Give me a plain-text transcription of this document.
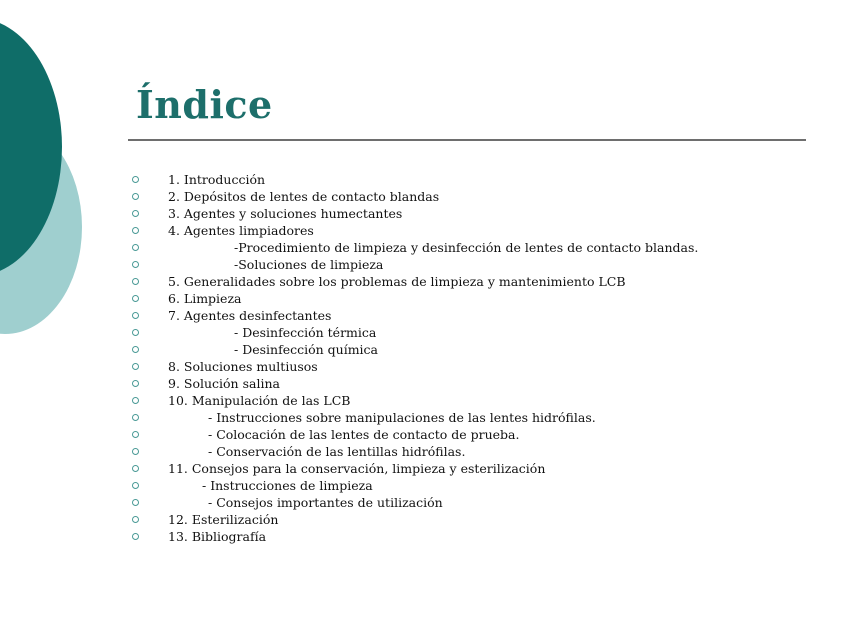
Índice
1. Introducción
2. Depósitos de lentes de contacto blandas
3. Agentes y soluciones humectantes
4. Agentes limpiadores
-Procedimiento de limpieza y desinfección de lentes de contacto blandas.
-Soluciones de limpieza
5. Generalidades sobre los problemas de limpieza y mantenimiento LCB
6. Limpieza
7. Agentes desinfectantes
- Desinfección térmica
- Desinfección química
8. Soluciones multiusos
9. Solución salina
10. Manipulación de las LCB
- Instrucciones sobre manipulaciones de las lentes hidrófilas.
- Colocación de las lentes de contacto de prueba.
- Conservación de las lentillas hidrófilas.
11. Consejos para la conservación, limpieza y esterilización
- Instrucciones de limpieza
- Consejos importantes de utilización
12. Esterilización
13. Bibliografía
